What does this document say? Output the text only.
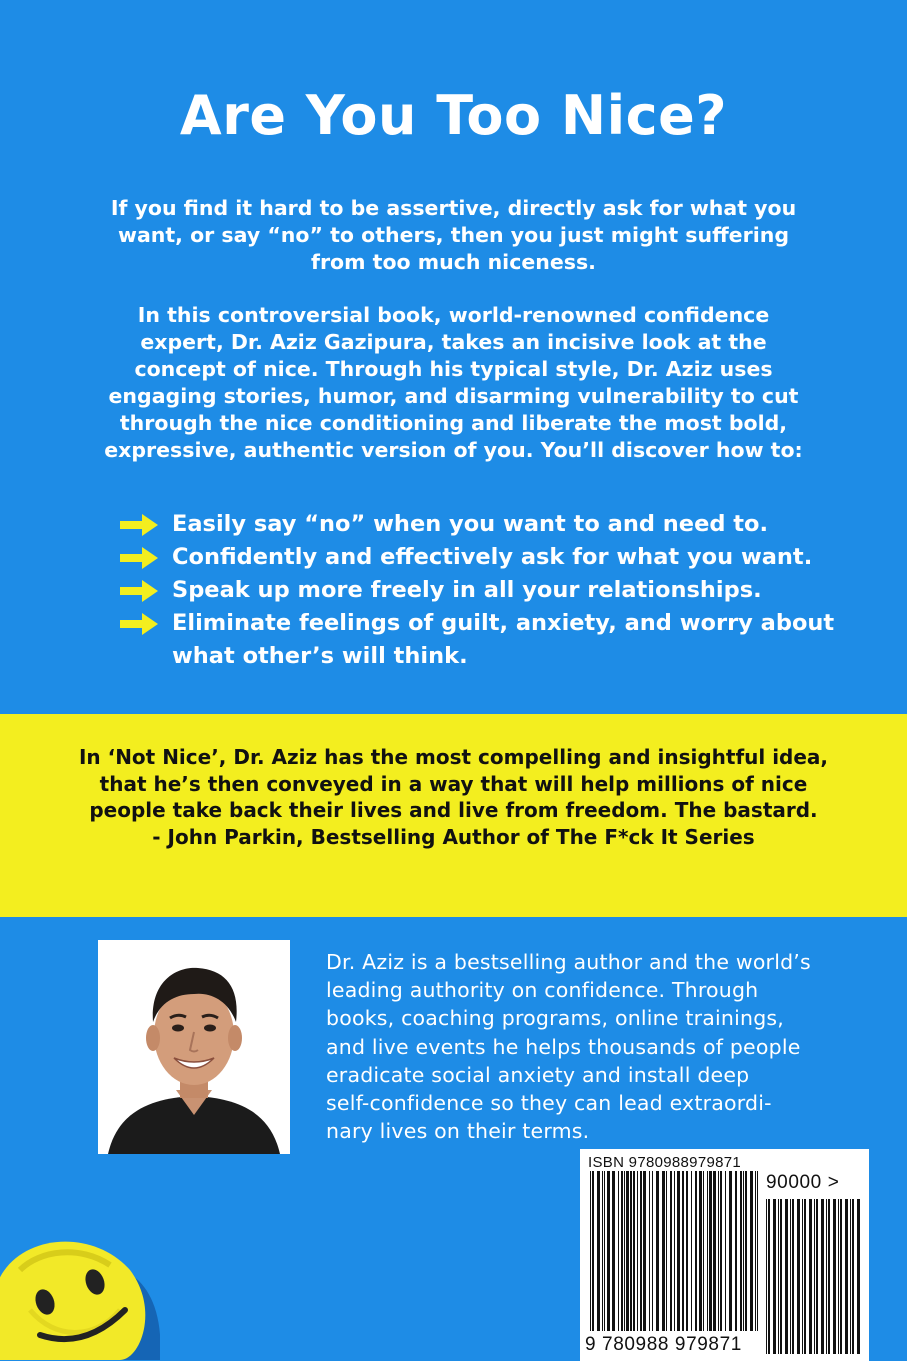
Are You Too Nice?
If you find it hard to be assertive, directly ask for what you want, or say “no” to others, then you just might suffering from too much niceness.
In this controversial book, world-renowned confidence expert, Dr. Aziz Gazipura, takes an incisive look at the concept of nice. Through his typical style, Dr. Aziz uses engaging stories, humor, and disarming vulnerability to cut through the nice conditioning and liberate the most bold, expressive, authentic version of you. You’ll discover how to:
Easily say “no” when you want to and need to.
Confidently and effectively ask for what you want.
Speak up more freely in all your relationships.
Eliminate feelings of guilt, anxiety, and worry about what other’s will think.
In ‘Not Nice’, Dr. Aziz has the most compelling and insightful idea,
that he’s then conveyed in a way that will help millions of nice
people take back their lives and live from freedom. The bastard.
- John Parkin, Bestselling Author of The F*ck It Series
Dr. Aziz is a bestselling author and the world’s
leading authority on confidence. Through
books, coaching programs, online trainings,
and live events he helps thousands of people
eradicate social anxiety and install deep
self-confidence so they can lead extraordi-
nary lives on their terms.
ISBN 9780988979871
90000 >
9 780988 979871
